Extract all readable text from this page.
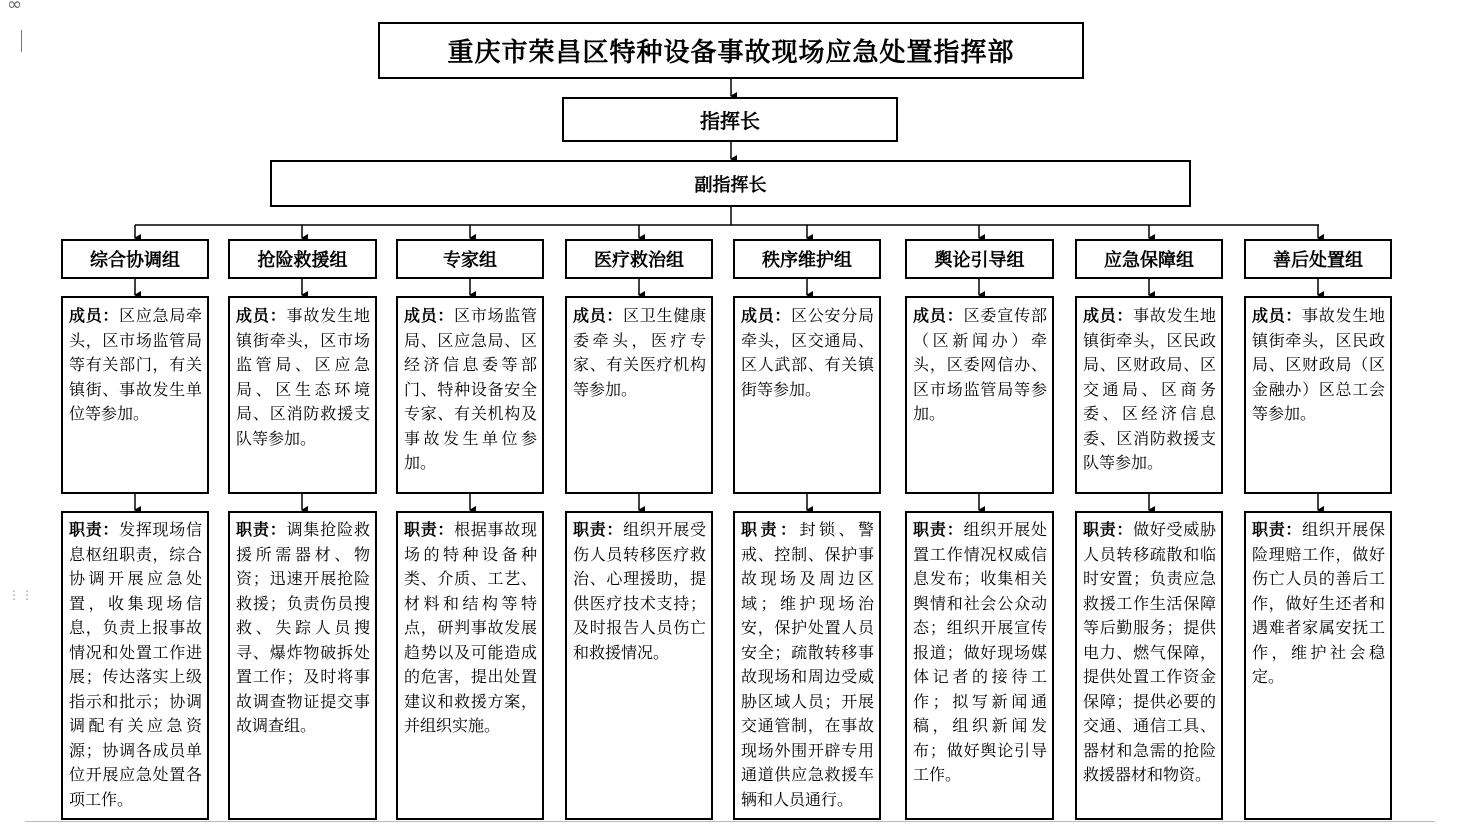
∞
⋮⋮
重庆市荣昌区特种设备事故现场应急处置指挥部
指挥长
副指挥长
综合协调组
成员：区应急局牵头，区市场监管局等有关部门，有关镇街、事故发生单位等参加。
职责：发挥现场信息枢纽职责，综合协调开展应急处置，收集现场信息，负责上报事故情况和处置工作进展；传达落实上级指示和批示；协调调配有关应急资源；协调各成员单位开展应急处置各项工作。
抢险救援组
成员：事故发生地镇街牵头，区市场监管局、区应急局、区生态环境局、区消防救援支队等参加。
职责：调集抢险救援所需器材、物资；迅速开展抢险救援；负责伤员搜救、失踪人员搜寻、爆炸物破拆处置工作；及时将事故调查物证提交事故调查组。
专家组
成员：区市场监管局、区应急局、区经济信息委等部门、特种设备安全专家、有关机构及事故发生单位参加。
职责：根据事故现场的特种设备种类、介质、工艺、材料和结构等特点，研判事故发展趋势以及可能造成的危害，提出处置建议和救援方案，并组织实施。
医疗救治组
成员：区卫生健康委牵头，医疗专家、有关医疗机构等参加。
职责：组织开展受伤人员转移医疗救治、心理援助，提供医疗技术支持；及时报告人员伤亡和救援情况。
秩序维护组
成员：区公安分局牵头，区交通局、区人武部、有关镇街等参加。
职责：封锁、警戒、控制、保护事故现场及周边区域；维护现场治安，保护处置人员安全；疏散转移事故现场和周边受威胁区域人员；开展交通管制，在事故现场外围开辟专用通道供应急救援车辆和人员通行。
舆论引导组
成员：区委宣传部（区新闻办）牵头，区委网信办、区市场监管局等参加。
职责：组织开展处置工作情况权威信息发布；收集相关舆情和社会公众动态；组织开展宣传报道；做好现场媒体记者的接待工作；拟写新闻通稿，组织新闻发布；做好舆论引导工作。
应急保障组
成员：事故发生地镇街牵头，区民政局、区财政局、区交通局、区商务委、区经济信息委、区消防救援支队等参加。
职责：做好受威胁人员转移疏散和临时安置；负责应急救援工作生活保障等后勤服务；提供电力、燃气保障，提供处置工作资金保障；提供必要的交通、通信工具、器材和急需的抢险救援器材和物资。
善后处置组
成员：事故发生地镇街牵头，区民政局、区财政局（区金融办）区总工会等参加。
职责：组织开展保险理赔工作，做好伤亡人员的善后工作，做好生还者和遇难者家属安抚工作，维护社会稳定。
